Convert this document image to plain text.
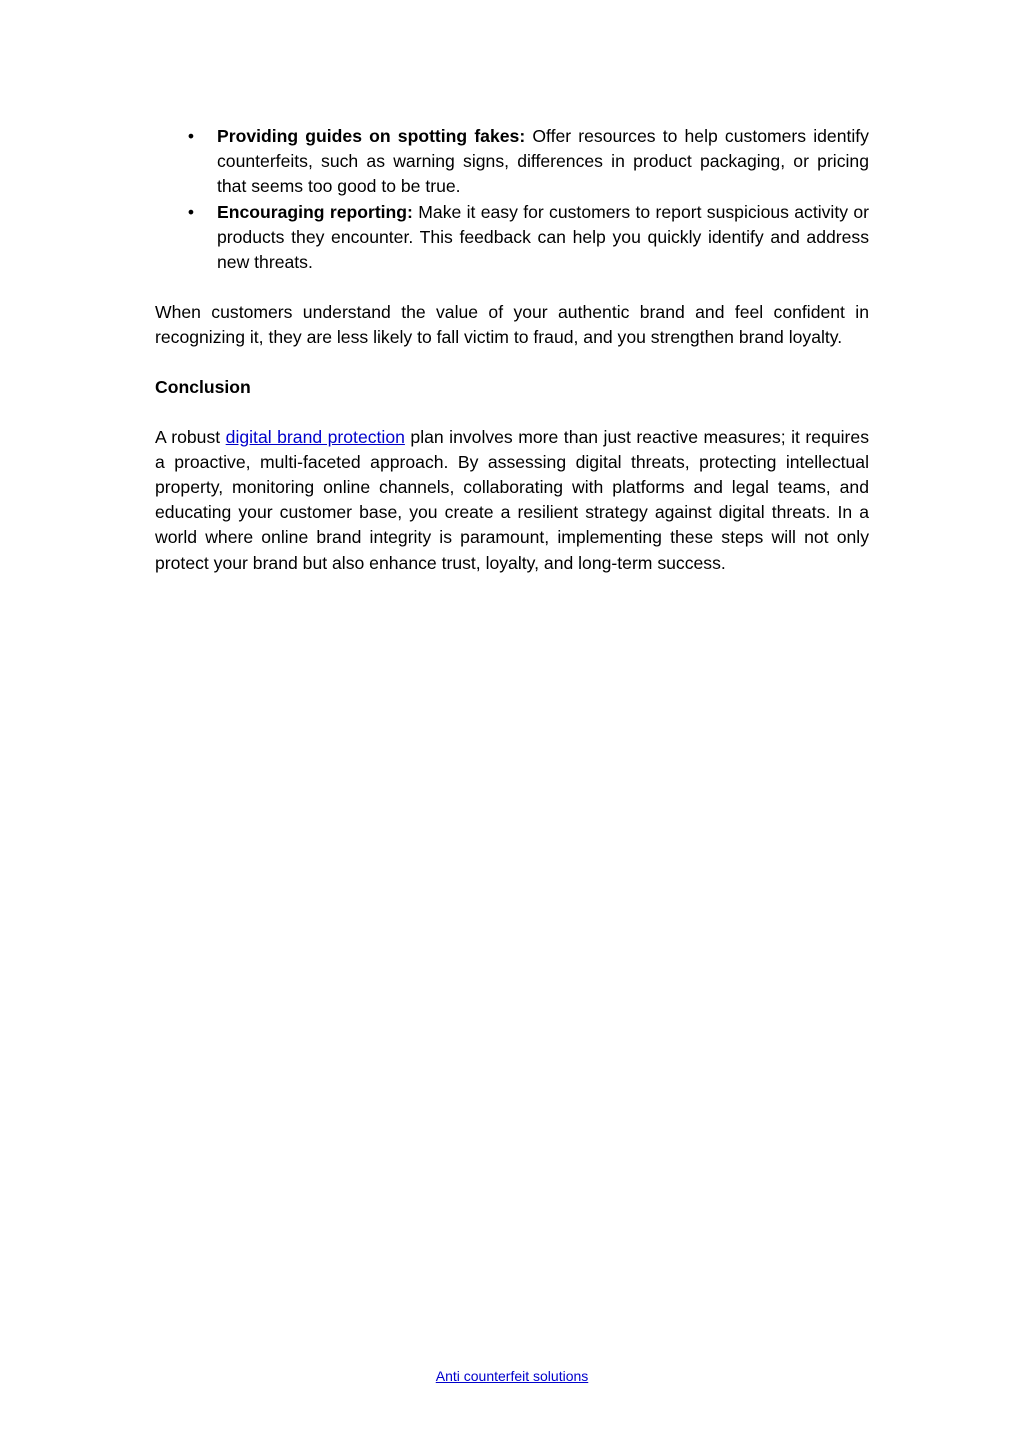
• Providing guides on spotting fakes: Offer resources to help customers identify counterfeits, such as warning signs, differences in product packaging, or pricing that seems too good to be true.
• Encouraging reporting: Make it easy for customers to report suspicious activity or products they encounter. This feedback can help you quickly identify and address new threats.

When customers understand the value of your authentic brand and feel confident in recognizing it, they are less likely to fall victim to fraud, and you strengthen brand loyalty.

Conclusion

A robust digital brand protection plan involves more than just reactive measures; it requires a proactive, multi-faceted approach. By assessing digital threats, protecting intellectual property, monitoring online channels, collaborating with platforms and legal teams, and educating your customer base, you create a resilient strategy against digital threats. In a world where online brand integrity is paramount, implementing these steps will not only protect your brand but also enhance trust, loyalty, and long-term success.

Anti counterfeit solutions
